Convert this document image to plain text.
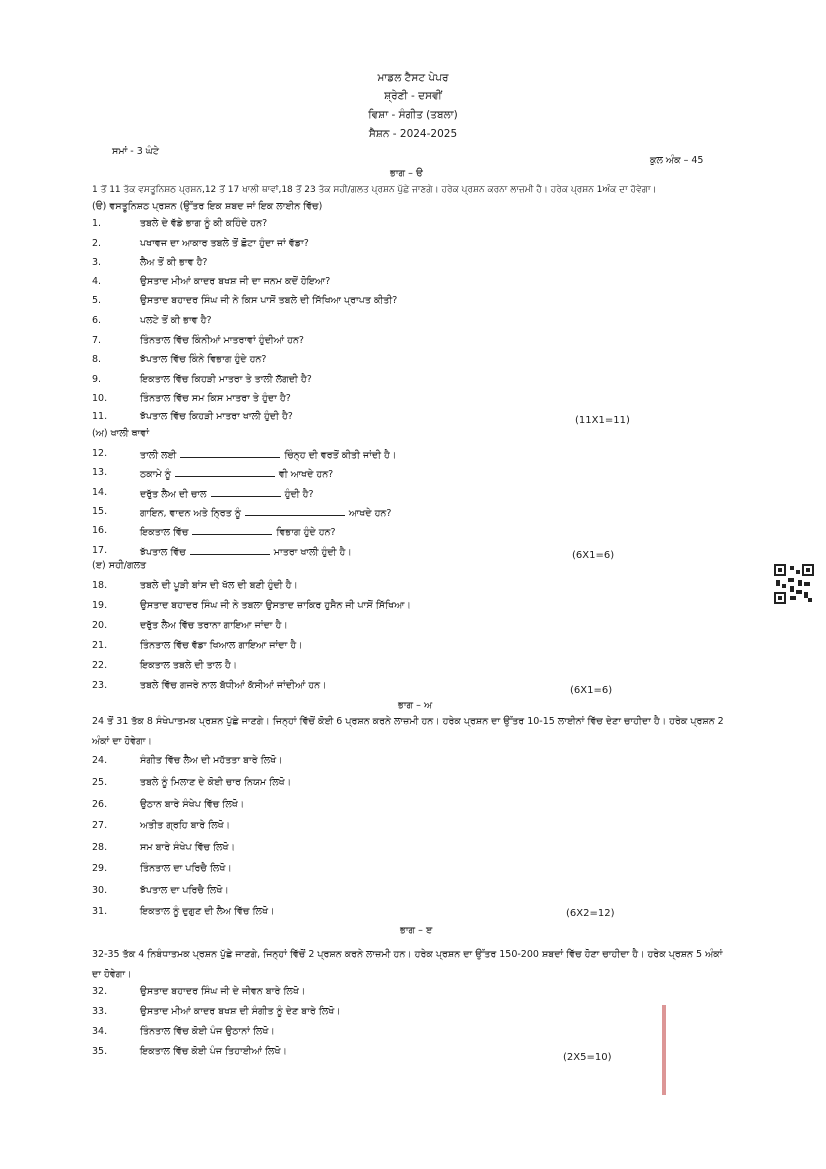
ਮਾਡਲ ਟੈਸਟ ਪੇਪਰ
ਸ਼੍ਰੇਣੀ - ਦਸਵੀਂ
ਵਿਸ਼ਾ - ਸੰਗੀਤ (ਤਬਲਾ)
ਸੈਸ਼ਨ - 2024-2025
ਸਮਾਂ - 3 ਘੰਟੇ
ਕੁਲ ਅੰਕ – 45
ਭਾਗ – ੳ
1 ਤੋਂ 11 ਤੱਕ ਵਸਤੂਨਿਸ਼ਠ ਪ੍ਰਸ਼ਨ,12 ਤੋਂ 17 ਖਾਲੀ ਥਾਵਾਂ,18 ਤੋਂ 23 ਤੱਕ ਸਹੀ/ਗਲਤ ਪ੍ਰਸ਼ਨ ਪੁੱਛੇ ਜਾਣਗੇ। ਹਰੇਕ ਪ੍ਰਸ਼ਨ ਕਰਨਾ ਲਾਜ਼ਮੀ ਹੈ। ਹਰੇਕ ਪ੍ਰਸ਼ਨ 1ਅੰਕ ਦਾ ਹੋਵੇਗਾ।
(ੳ) ਵਸਤੂਨਿਸ਼ਠ ਪ੍ਰਸ਼ਨ (ਉੱਤਰ ਇਕ ਸ਼ਬਦ ਜਾਂ ਇਕ ਲਾਈਨ ਵਿੱਚ)
1.	ਤਬਲੇ ਦੇ ਵੱਡੇ ਭਾਗ ਨੂੰ ਕੀ ਕਹਿੰਦੇ ਹਨ?
2.	ਪਖਾਵਜ ਦਾ ਆਕਾਰ ਤਬਲੇ ਤੋਂ ਛੋਟਾ ਹੁੰਦਾ ਜਾਂ ਵੱਡਾ?
3.	ਲੈਅ ਤੋਂ ਕੀ ਭਾਵ ਹੈ?
4.	ਉਸਤਾਦ ਮੀਆਂ ਕਾਦਰ ਬਖਸ਼ ਜੀ ਦਾ ਜਨਮ ਕਦੋਂ ਹੋਇਆ?
5.	ਉਸਤਾਦ ਬਹਾਦਰ ਸਿੰਘ ਜੀ ਨੇ ਕਿਸ ਪਾਸੋਂ ਤਬਲੇ ਦੀ ਸਿੱਖਿਆ ਪ੍ਰਾਪਤ ਕੀਤੀ?
6.	ਪਲਟੇ ਤੋਂ ਕੀ ਭਾਵ ਹੈ?
7.	ਤਿੰਨਤਾਲ ਵਿੱਚ ਕਿੰਨੀਆਂ ਮਾਤਰਾਵਾਂ ਹੁੰਦੀਆਂ ਹਨ?
8.	ਝੱਪਤਾਲ ਵਿੱਚ ਕਿੰਨੇ ਵਿਭਾਗ ਹੁੰਦੇ ਹਨ?
9.	ਇਕਤਾਲ ਵਿੱਚ ਕਿਹੜੀ ਮਾਤਰਾ ਤੇ ਤਾਲੀ ਲੱਗਦੀ ਹੈ?
10.	ਤਿੰਨਤਾਲ ਵਿੱਚ ਸਮ ਕਿਸ ਮਾਤਰਾ ਤੇ ਹੁੰਦਾ ਹੈ?
11.	ਝੱਪਤਾਲ ਵਿੱਚ ਕਿਹੜੀ ਮਾਤਰਾ ਖਾਲੀ ਹੁੰਦੀ ਹੈ?	(11X1=11)
(ਅ) ਖਾਲੀ ਥਾਵਾਂ
12.	ਤਾਲੀ ਲਈ	ਚਿੰਨ੍ਹ ਦੀ ਵਰਤੋਂ ਕੀਤੀ ਜਾਂਦੀ ਹੈ।
13.	ਠਕਾਮੇ ਨੂੰ	ਵੀ ਆਖਦੇ ਹਨ?
14.	ਦਰੁੱਤ ਲੈਅ ਦੀ ਚਾਲ	ਹੁੰਦੀ ਹੈ?
15.	ਗਾਇਨ, ਵਾਦਨ ਅਤੇ ਨ੍ਰਿਤ ਨੂੰ	ਆਖਦੇ ਹਨ?
16.	ਇਕਤਾਲ ਵਿੱਚ	ਵਿਭਾਗ ਹੁੰਦੇ ਹਨ?
17.	ਝੱਪਤਾਲ ਵਿੱਚ	ਮਾਤਰਾ ਖਾਲੀ ਹੁੰਦੀ ਹੈ।	(6X1=6)
(ੲ) ਸਹੀ/ਗਲਤ
18.	ਤਬਲੇ ਦੀ ਪੂੜੀ ਬਾਂਸ ਦੀ ਖੱਲ ਦੀ ਬਣੀ ਹੁੰਦੀ ਹੈ।
19.	ਉਸਤਾਦ ਬਹਾਦਰ ਸਿੰਘ ਜੀ ਨੇ ਤਬਲਾ ਉਸਤਾਦ ਜ਼ਾਕਿਰ ਹੁਸੈਨ ਜੀ ਪਾਸੋਂ ਸਿੱਖਿਆ।
20.	ਦਰੁੱਤ ਲੈਅ ਵਿੱਚ ਤਰਾਨਾ ਗਾਇਆ ਜਾਂਦਾ ਹੈ।
21.	ਤਿੰਨਤਾਲ ਵਿੱਚ ਵੱਡਾ ਖਿਆਲ ਗਾਇਆ ਜਾਂਦਾ ਹੈ।
22.	ਇਕਤਾਲ ਤਬਲੇ ਦੀ ਤਾਲ ਹੈ।
23.	ਤਬਲੇ ਵਿੱਚ ਗਜਰੇ ਨਾਲ ਬੱਧੀਆਂ ਕੱਸੀਆਂ ਜਾਂਦੀਆਂ ਹਨ।	(6X1=6)
ਭਾਗ – ਅ
24 ਤੋਂ 31 ਤੱਕ 8 ਸੰਖੇਪਾਤਮਕ ਪ੍ਰਸ਼ਨ ਪੁੱਛੇ ਜਾਣਗੇ। ਜਿਨ੍ਹਾਂ ਵਿੱਚੋਂ ਕੋਈ 6 ਪ੍ਰਸ਼ਨ ਕਰਨੇ ਲਾਜ਼ਮੀ ਹਨ। ਹਰੇਕ ਪ੍ਰਸ਼ਨ ਦਾ ਉੱਤਰ 10-15 ਲਾਈਨਾਂ ਵਿੱਚ ਦੇਣਾ ਚਾਹੀਦਾ ਹੈ। ਹਰੇਕ ਪ੍ਰਸ਼ਨ 2 ਅੰਕਾਂ ਦਾ ਹੋਵੇਗਾ।
24.	ਸੰਗੀਤ ਵਿੱਚ ਲੈਅ ਦੀ ਮਹੱਤਤਾ ਬਾਰੇ ਲਿਖੋ।
25.	ਤਬਲੇ ਨੂੰ ਮਿਲਾਣ ਦੇ ਕੋਈ ਚਾਰ ਨਿਯਮ ਲਿਖੋ।
26.	ਉਠਾਨ ਬਾਰੇ ਸੰਖੇਪ ਵਿੱਚ ਲਿਖੋ।
27.	ਅਤੀਤ ਗ੍ਰਹਿ ਬਾਰੇ ਲਿਖੋ।
28.	ਸਮ ਬਾਰੇ ਸੰਖੇਪ ਵਿੱਚ ਲਿਖੋ।
29.	ਤਿੰਨਤਾਲ ਦਾ ਪਰਿਚੈ ਲਿਖੋ।
30.	ਝੱਪਤਾਲ ਦਾ ਪਰਿਚੈ ਲਿਖੋ।
31.	ਇਕਤਾਲ ਨੂੰ ਦੁਗੁਣ ਦੀ ਲੈਅ ਵਿੱਚ ਲਿਖੋ।	(6X2=12)
ਭਾਗ – ੲ
32-35 ਤੱਕ 4 ਨਿਬੰਧਾਤਮਕ ਪ੍ਰਸ਼ਨ ਪੁੱਛੇ ਜਾਣਗੇ, ਜਿਨ੍ਹਾਂ ਵਿੱਚੋਂ 2 ਪ੍ਰਸ਼ਨ ਕਰਨੇ ਲਾਜ਼ਮੀ ਹਨ। ਹਰੇਕ ਪ੍ਰਸ਼ਨ ਦਾ ਉੱਤਰ 150-200 ਸ਼ਬਦਾਂ ਵਿੱਚ ਹੋਣਾ ਚਾਹੀਦਾ ਹੈ। ਹਰੇਕ ਪ੍ਰਸ਼ਨ 5 ਅੰਕਾਂ ਦਾ ਹੋਵੇਗਾ।
32.	ਉਸਤਾਦ ਬਹਾਦਰ ਸਿੰਘ ਜੀ ਦੇ ਜੀਵਨ ਬਾਰੇ ਲਿਖੋ।
33.	ਉਸਤਾਦ ਮੀਆਂ ਕਾਦਰ ਬਖਸ਼ ਦੀ ਸੰਗੀਤ ਨੂੰ ਦੇਣ ਬਾਰੇ ਲਿਖੋ।
34.	ਤਿੰਨਤਾਲ ਵਿੱਚ ਕੋਈ ਪੰਜ ਉਠਾਨਾਂ ਲਿਖੋ।
35.	ਇਕਤਾਲ ਵਿੱਚ ਕੋਈ ਪੰਜ ਤਿਹਾਈਆਂ ਲਿਖੋ।
(2X5=10)
